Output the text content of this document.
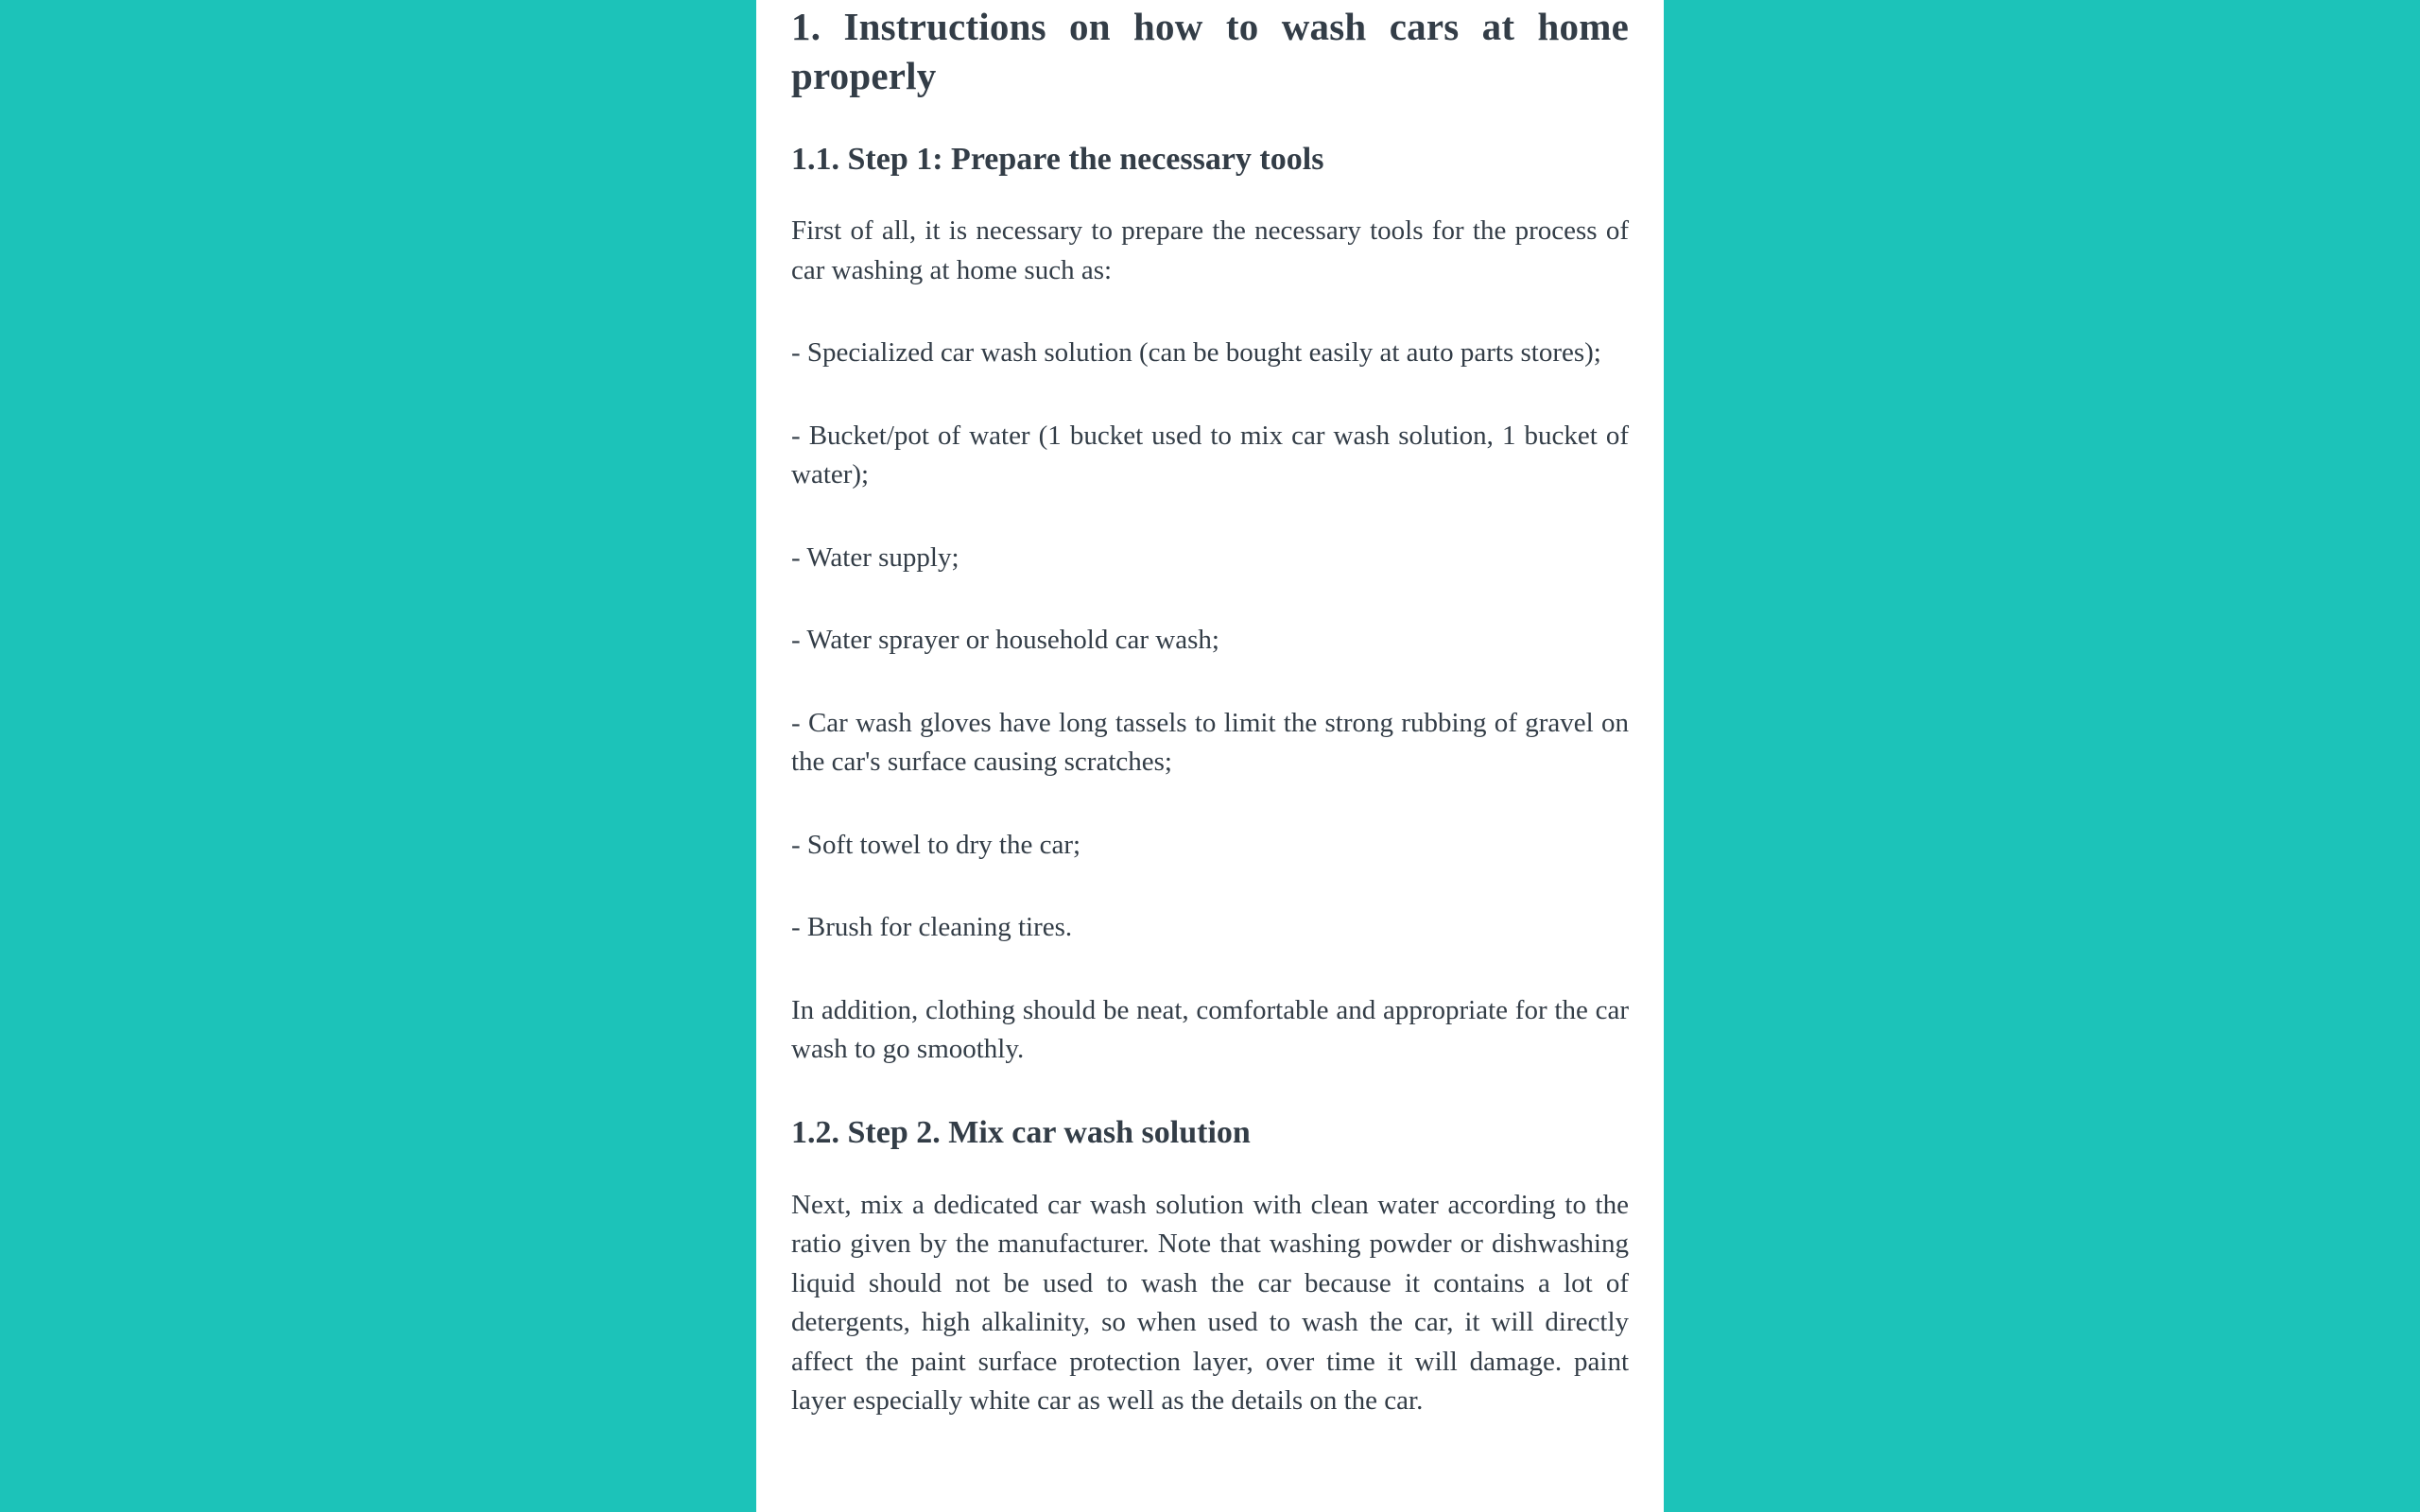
1. Instructions on how to wash cars at home properly
1.1. Step 1: Prepare the necessary tools

First of all, it is necessary to prepare the necessary tools for the process of car washing at home such as:

- Specialized car wash solution (can be bought easily at auto parts stores);

- Bucket/pot of water (1 bucket used to mix car wash solution, 1 bucket of water);

- Water supply;

- Water sprayer or household car wash;

- Car wash gloves have long tassels to limit the strong rubbing of gravel on the car's surface causing scratches;

- Soft towel to dry the car;

- Brush for cleaning tires.

In addition, clothing should be neat, comfortable and appropriate for the car wash to go smoothly.

1.2. Step 2. Mix car wash solution

Next, mix a dedicated car wash solution with clean water according to the ratio given by the manufacturer. Note that washing powder or dishwashing liquid should not be used to wash the car because it contains a lot of detergents, high alkalinity, so when used to wash the car, it will directly affect the paint surface protection layer, over time it will damage. paint layer especially white car as well as the details on the car.
